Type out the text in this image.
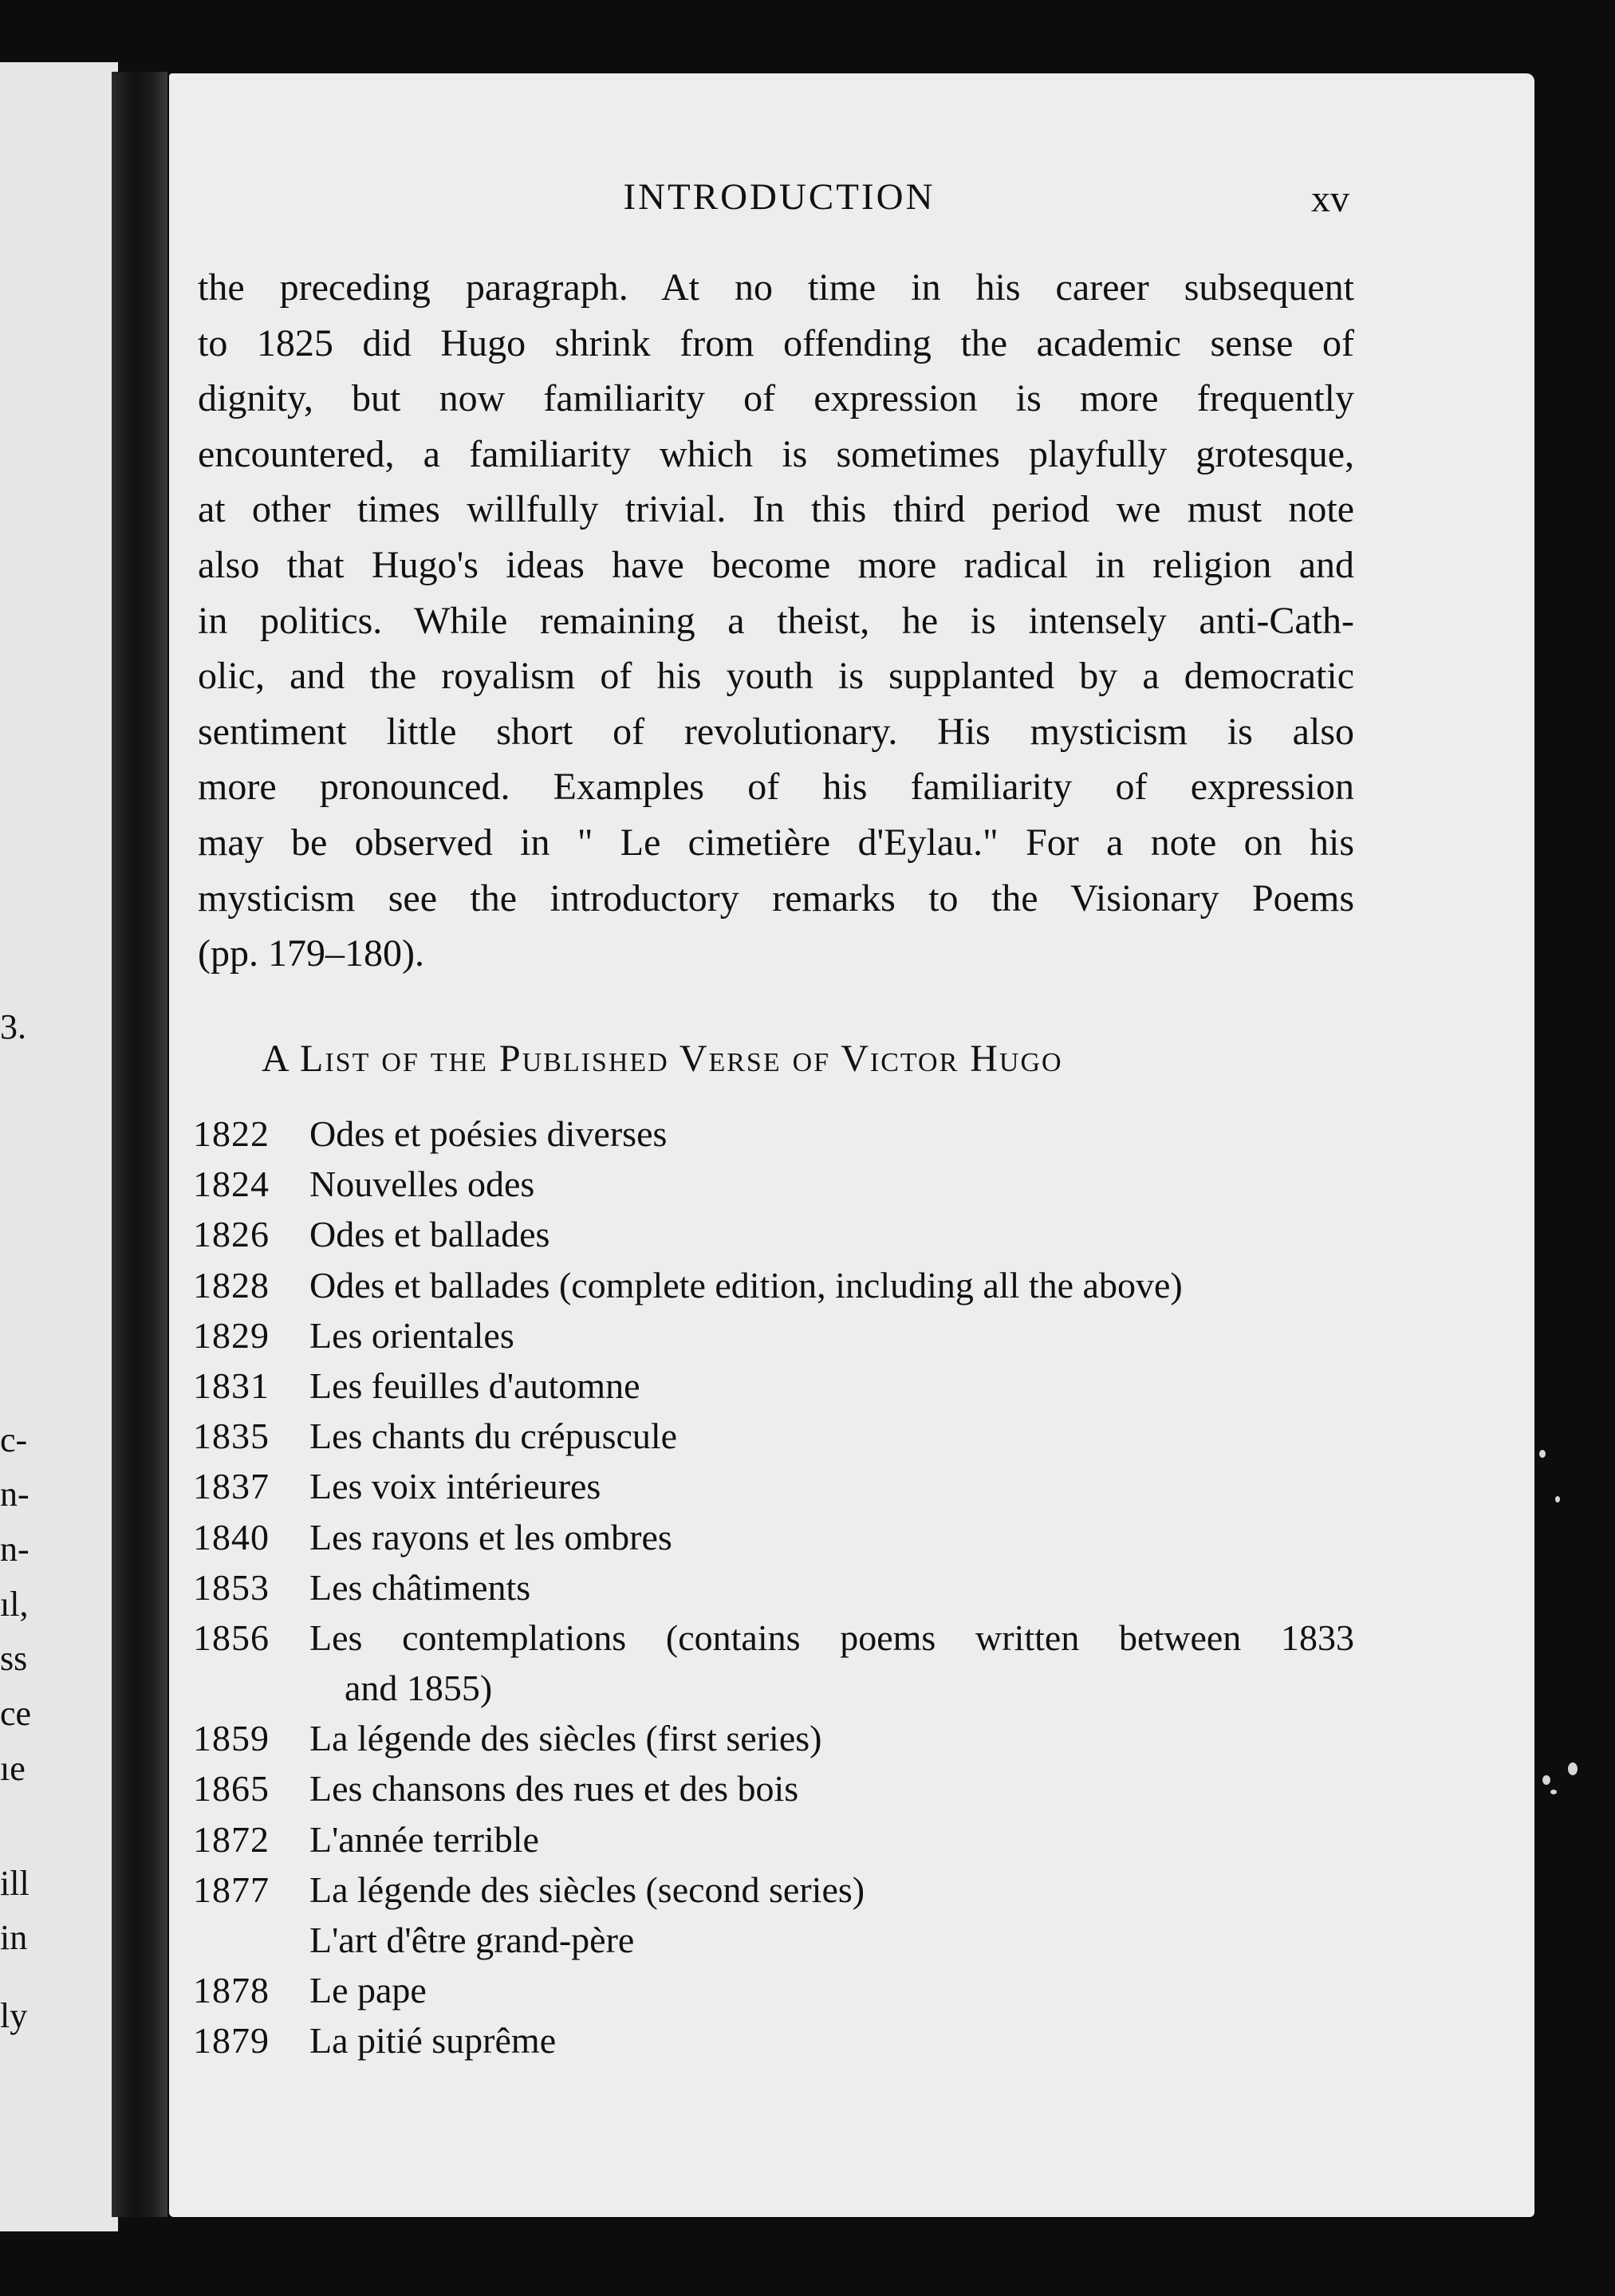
3.
c-
n-
n-
ıl,
ss
ce
ıe
ill
in
ly
INTRODUCTION	xv
the preceding paragraph. At no time in his career subsequent
to 1825 did Hugo shrink from offending the academic sense of
dignity, but now familiarity of expression is more frequently
encountered, a familiarity which is sometimes playfully grotesque,
at other times willfully trivial. In this third period we must note
also that Hugo's ideas have become more radical in religion and
in politics. While remaining a theist, he is intensely anti-Cath-
olic, and the royalism of his youth is supplanted by a democratic
sentiment little short of revolutionary. His mysticism is also
more pronounced. Examples of his familiarity of expression
may be observed in " Le cimetière d'Eylau." For a note on his
mysticism see the introductory remarks to the Visionary Poems
(pp. 179–180).
A List of the Published Verse of Victor Hugo
1822 Odes et poésies diverses
1824 Nouvelles odes
1826 Odes et ballades
1828 Odes et ballades (complete edition, including all the above)
1829 Les orientales
1831 Les feuilles d'automne
1835 Les chants du crépuscule
1837 Les voix intérieures
1840 Les rayons et les ombres
1853 Les châtiments
1856 Les contemplations (contains poems written between 1833
and 1855)
1859 La légende des siècles (first series)
1865 Les chansons des rues et des bois
1872 L'année terrible
1877 La légende des siècles (second series)
L'art d'être grand-père
1878 Le pape
1879 La pitié suprême
